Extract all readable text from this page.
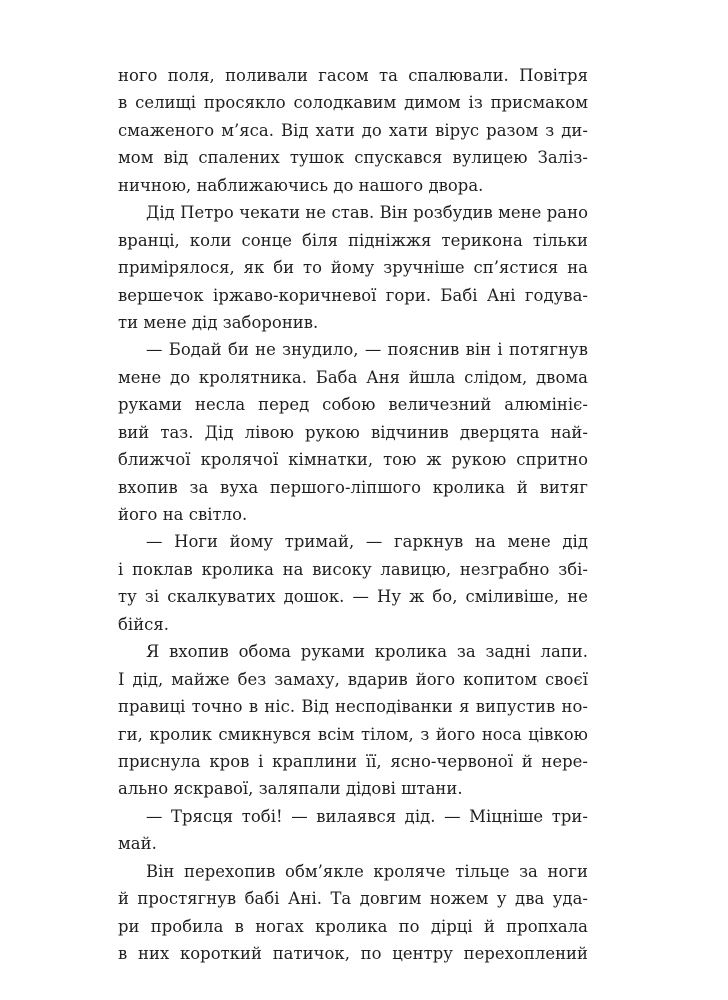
ного поля, поливали гасом та спалювали. Повітря
в селищі просякло солодкавим димом із присмаком
смаженого м’яса. Від хати до хати вірус разом з ди-
мом від спалених тушок спускався вулицею Заліз-
ничною, наближаючись до нашого двора.
Дід Петро чекати не став. Він розбудив мене рано
вранці, коли сонце біля підніжжя терикона тільки
примірялося, як би то йому зручніше сп’ястися на
вершечок іржаво-коричневої гори. Бабі Ані годува-
ти мене дід заборонив.
— Бодай би не знудило, — пояснив він і потягнув
мене до кролятника. Баба Аня йшла слідом, двома
руками несла перед собою величезний алюмініє-
вий таз. Дід лівою рукою відчинив дверцята най-
ближчої кролячої кімнатки, тою ж рукою спритно
вхопив за вуха першого-ліпшого кролика й витяг
його на світло.
— Ноги йому тримай, — гаркнув на мене дід
і поклав кролика на високу лавицю, незграбно збі-
ту зі скалкуватих дошок. — Ну ж бо, сміливіше, не
бійся.
Я вхопив обома руками кролика за задні лапи.
І дід, майже без замаху, вдарив його копитом своєї
правиці точно в ніс. Від несподіванки я випустив но-
ги, кролик смикнувся всім тілом, з його носа цівкою
приснула кров і краплини її, ясно-червоної й нере-
ально яскравої, заляпали дідові штани.
— Трясця тобі! — вилаявся дід. — Міцніше три-
май.
Він перехопив обм’якле кроляче тільце за ноги
й простягнув бабі Ані. Та довгим ножем у два уда-
ри пробила в ногах кролика по дірці й пропхала
в них короткий патичок, по центру перехоплений
